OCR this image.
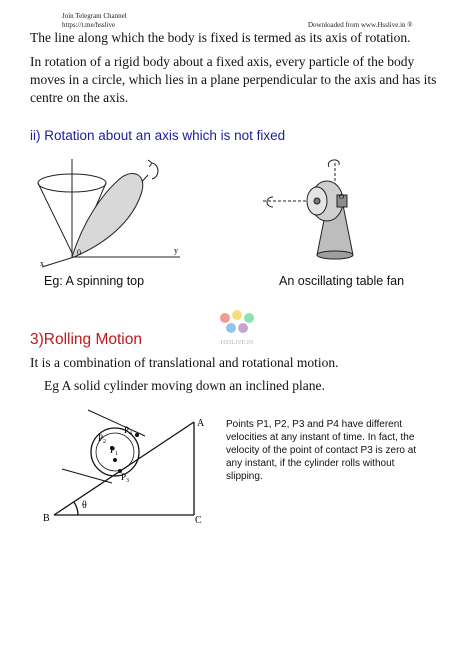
Join Telegram Channel
https://t.me/hsslive	Downloaded from www.Hsslive.in ®
The line along which the body is fixed is termed as its axis of rotation.
In rotation of a rigid body about a fixed axis, every particle of the body
moves in a circle, which lies in a plane perpendicular to the axis and has its
centre on the axis.
ii) Rotation about an axis which is not fixed
x
y
0
O
Eg: A spinning top	An oscillating table fan
HSSLIVE.IN
3)Rolling Motion
It is a combination of translational and rotational motion.
Eg A solid cylinder moving down an inclined plane.
A
B	C
θ
$P_4$
$P_2$
$P_1$
$P_3$
Points P1, P2, P3 and P4 have different
velocities at any instant of time. In fact, the
velocity of the point of contact P3 is zero at
any instant, if the cylinder rolls without
slipping.
